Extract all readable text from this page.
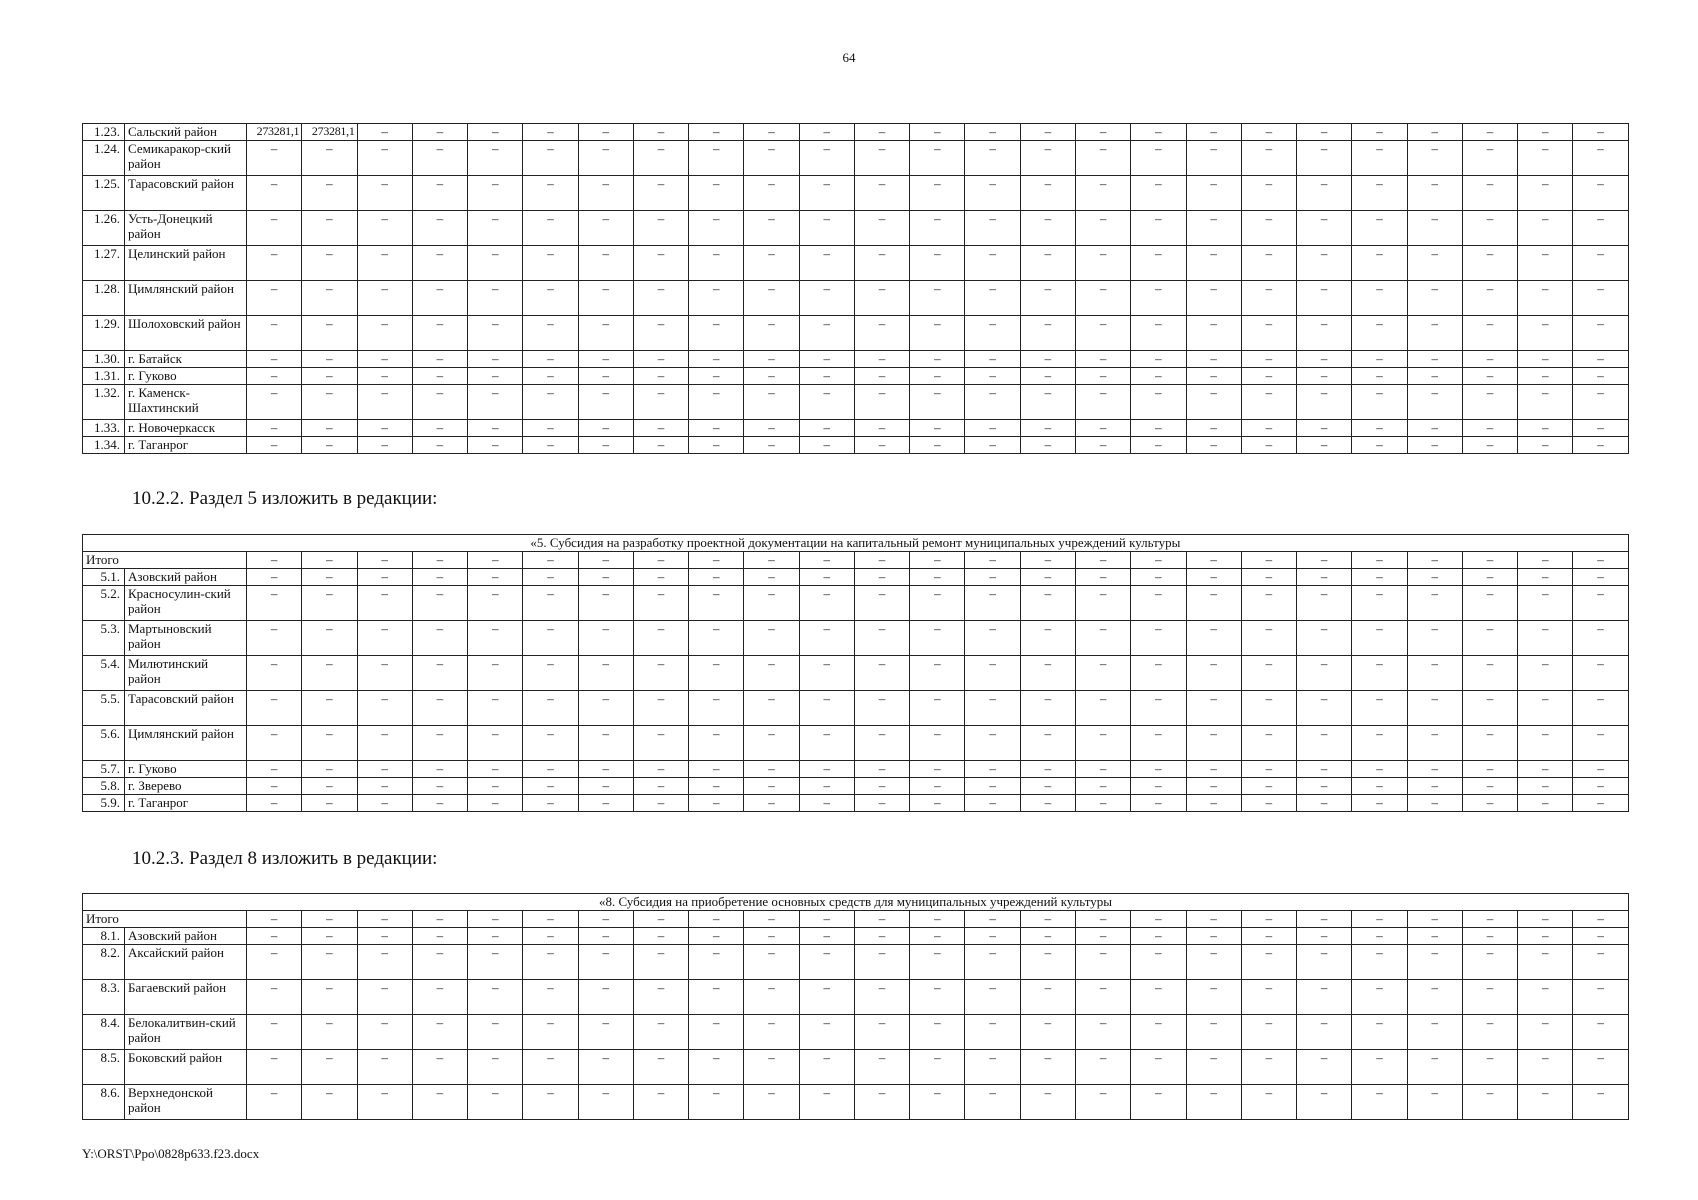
64
1.23.	Сальский район	273281,1	273281,1	–	–	–	–	–	–	–	–	–	–	–	–	–	–	–	–	–	–	–	–	–	–	–
1.24.	Семикаракор-ский район	–	–	–	–	–	–	–	–	–	–	–	–	–	–	–	–	–	–	–	–	–	–	–	–	–
1.25.	Тарасовский район	–	–	–	–	–	–	–	–	–	–	–	–	–	–	–	–	–	–	–	–	–	–	–	–	–
1.26.	Усть-Донецкий район	–	–	–	–	–	–	–	–	–	–	–	–	–	–	–	–	–	–	–	–	–	–	–	–	–
1.27.	Целинский район	–	–	–	–	–	–	–	–	–	–	–	–	–	–	–	–	–	–	–	–	–	–	–	–	–
1.28.	Цимлянский район	–	–	–	–	–	–	–	–	–	–	–	–	–	–	–	–	–	–	–	–	–	–	–	–	–
1.29.	Шолоховский район	–	–	–	–	–	–	–	–	–	–	–	–	–	–	–	–	–	–	–	–	–	–	–	–	–
1.30.	г. Батайск	–	–	–	–	–	–	–	–	–	–	–	–	–	–	–	–	–	–	–	–	–	–	–	–	–
1.31.	г. Гуково	–	–	–	–	–	–	–	–	–	–	–	–	–	–	–	–	–	–	–	–	–	–	–	–	–
1.32.	г. Каменск-Шахтинский	–	–	–	–	–	–	–	–	–	–	–	–	–	–	–	–	–	–	–	–	–	–	–	–	–
1.33.	г. Новочеркасск	–	–	–	–	–	–	–	–	–	–	–	–	–	–	–	–	–	–	–	–	–	–	–	–	–
1.34.	г. Таганрог	–	–	–	–	–	–	–	–	–	–	–	–	–	–	–	–	–	–	–	–	–	–	–	–	–
10.2.2. Раздел 5 изложить в редакции:
«5. Субсидия на разработку проектной документации на капитальный ремонт муниципальных учреждений культуры																										
Итого		–	–	–	–	–	–	–	–	–	–	–	–	–	–	–	–	–	–	–	–	–	–	–	–	–
5.1.	Азовский район	–	–	–	–	–	–	–	–	–	–	–	–	–	–	–	–	–	–	–	–	–	–	–	–	–
5.2.	Красносулин-ский район	–	–	–	–	–	–	–	–	–	–	–	–	–	–	–	–	–	–	–	–	–	–	–	–	–
5.3.	Мартыновский район	–	–	–	–	–	–	–	–	–	–	–	–	–	–	–	–	–	–	–	–	–	–	–	–	–
5.4.	Милютинский район	–	–	–	–	–	–	–	–	–	–	–	–	–	–	–	–	–	–	–	–	–	–	–	–	–
5.5.	Тарасовский район	–	–	–	–	–	–	–	–	–	–	–	–	–	–	–	–	–	–	–	–	–	–	–	–	–
5.6.	Цимлянский район	–	–	–	–	–	–	–	–	–	–	–	–	–	–	–	–	–	–	–	–	–	–	–	–	–
5.7.	г. Гуково	–	–	–	–	–	–	–	–	–	–	–	–	–	–	–	–	–	–	–	–	–	–	–	–	–
5.8.	г. Зверево	–	–	–	–	–	–	–	–	–	–	–	–	–	–	–	–	–	–	–	–	–	–	–	–	–
5.9.	г. Таганрог	–	–	–	–	–	–	–	–	–	–	–	–	–	–	–	–	–	–	–	–	–	–	–	–	–
10.2.3. Раздел 8 изложить в редакции:
«8. Субсидия на приобретение основных средств для муниципальных учреждений культуры																										
Итого		–	–	–	–	–	–	–	–	–	–	–	–	–	–	–	–	–	–	–	–	–	–	–	–	–
8.1.	Азовский район	–	–	–	–	–	–	–	–	–	–	–	–	–	–	–	–	–	–	–	–	–	–	–	–	–
8.2.	Аксайский район	–	–	–	–	–	–	–	–	–	–	–	–	–	–	–	–	–	–	–	–	–	–	–	–	–
8.3.	Багаевский район	–	–	–	–	–	–	–	–	–	–	–	–	–	–	–	–	–	–	–	–	–	–	–	–	–
8.4.	Белокалитвин-ский район	–	–	–	–	–	–	–	–	–	–	–	–	–	–	–	–	–	–	–	–	–	–	–	–	–
8.5.	Боковский район	–	–	–	–	–	–	–	–	–	–	–	–	–	–	–	–	–	–	–	–	–	–	–	–	–
8.6.	Верхнедонской район	–	–	–	–	–	–	–	–	–	–	–	–	–	–	–	–	–	–	–	–	–	–	–	–	–
Y:\ORST\Ppo\0828p633.f23.docx
